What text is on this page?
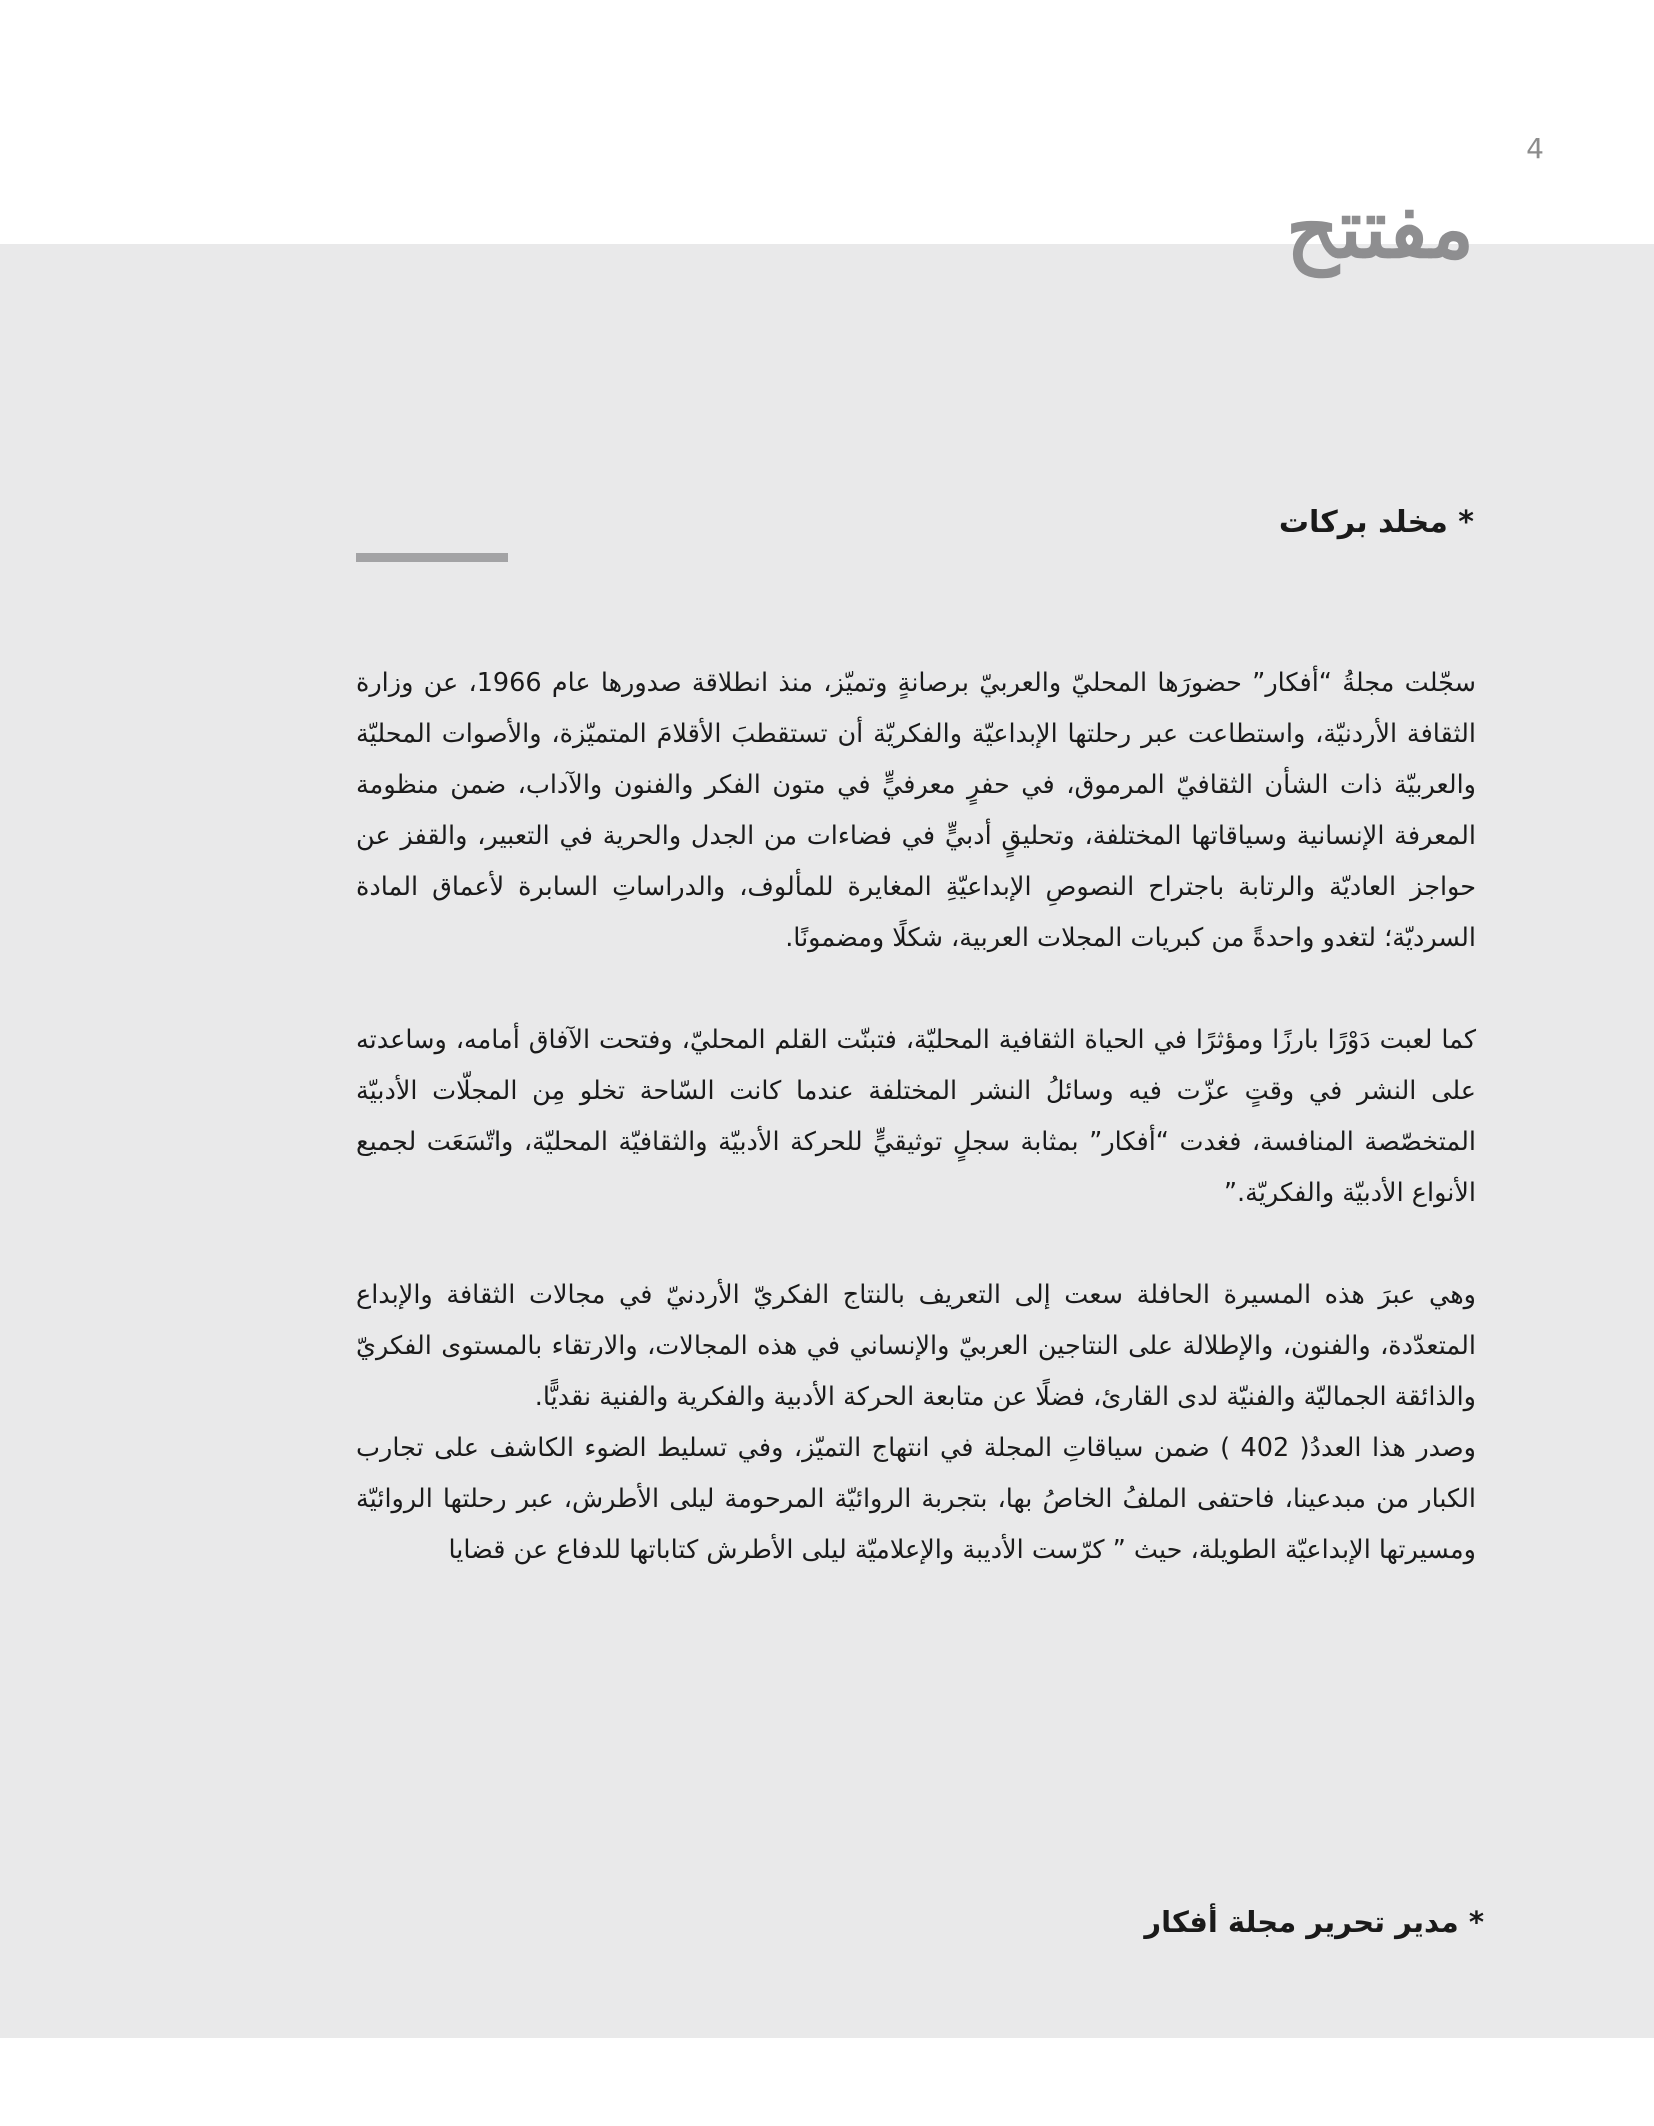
4
مفتتح
* مخلد بركات

سجّلت مجلةُ “أفكار” حضورَها المحليّ والعربيّ برصانةٍ وتميّز، منذ انطلاقة صدورها عام 1966، عن وزارة الثقافة الأردنيّة، واستطاعت عبر رحلتها الإبداعيّة والفكريّة أن تستقطبَ الأقلامَ المتميّزة، والأصوات المحليّة والعربيّة ذات الشأن الثقافيّ المرموق، في حفرٍ معرفيٍّ في متون الفكر والفنون والآداب، ضمن منظومة المعرفة الإنسانية وسياقاتها المختلفة، وتحليقٍ أدبيٍّ في فضاءات من الجدل والحرية في التعبير، والقفز عن حواجز العاديّة والرتابة باجتراح النصوصِ الإبداعيّةِ المغايرة للمألوف، والدراساتِ السابرة لأعماق المادة السرديّة؛ لتغدو واحدةً من كبريات المجلات العربية، شكلًا ومضمونًا.

كما لعبت دَوْرًا بارزًا ومؤثرًا في الحياة الثقافية المحليّة، فتبنّت القلم المحليّ، وفتحت الآفاق أمامه، وساعدته على النشر في وقتٍ عزّت فيه وسائلُ النشر المختلفة عندما كانت السّاحة تخلو مِن المجلّات الأدبيّة المتخصّصة المنافسة، فغدت “أفكار” بمثابة سجلٍ توثيقيٍّ للحركة الأدبيّة والثقافيّة المحليّة، واتّسَعَت لجميع الأنواع الأدبيّة والفكريّة.”

وهي عبرَ هذه المسيرة الحافلة سعت إلى التعريف بالنتاج الفكريّ الأردنيّ في مجالات الثقافة والإبداع المتعدّدة، والفنون، والإطلالة على النتاجين العربيّ والإنساني في هذه المجالات، والارتقاء بالمستوى الفكريّ والذائقة الجماليّة والفنيّة لدى القارئ، فضلًا عن متابعة الحركة الأدبية والفكرية والفنية نقديًّا.

وصدر هذا العددُ( 402 ) ضمن سياقاتِ المجلة في انتهاج التميّز، وفي تسليط الضوء الكاشف على تجارب الكبار من مبدعينا، فاحتفى الملفُ الخاصُ بها، بتجربة الروائيّة المرحومة ليلى الأطرش، عبر رحلتها الروائيّة ومسيرتها الإبداعيّة الطويلة، حيث ” كرّست الأديبة والإعلاميّة ليلى الأطرش كتاباتها للدفاع عن قضايا

* مدير تحرير مجلة أفكار
